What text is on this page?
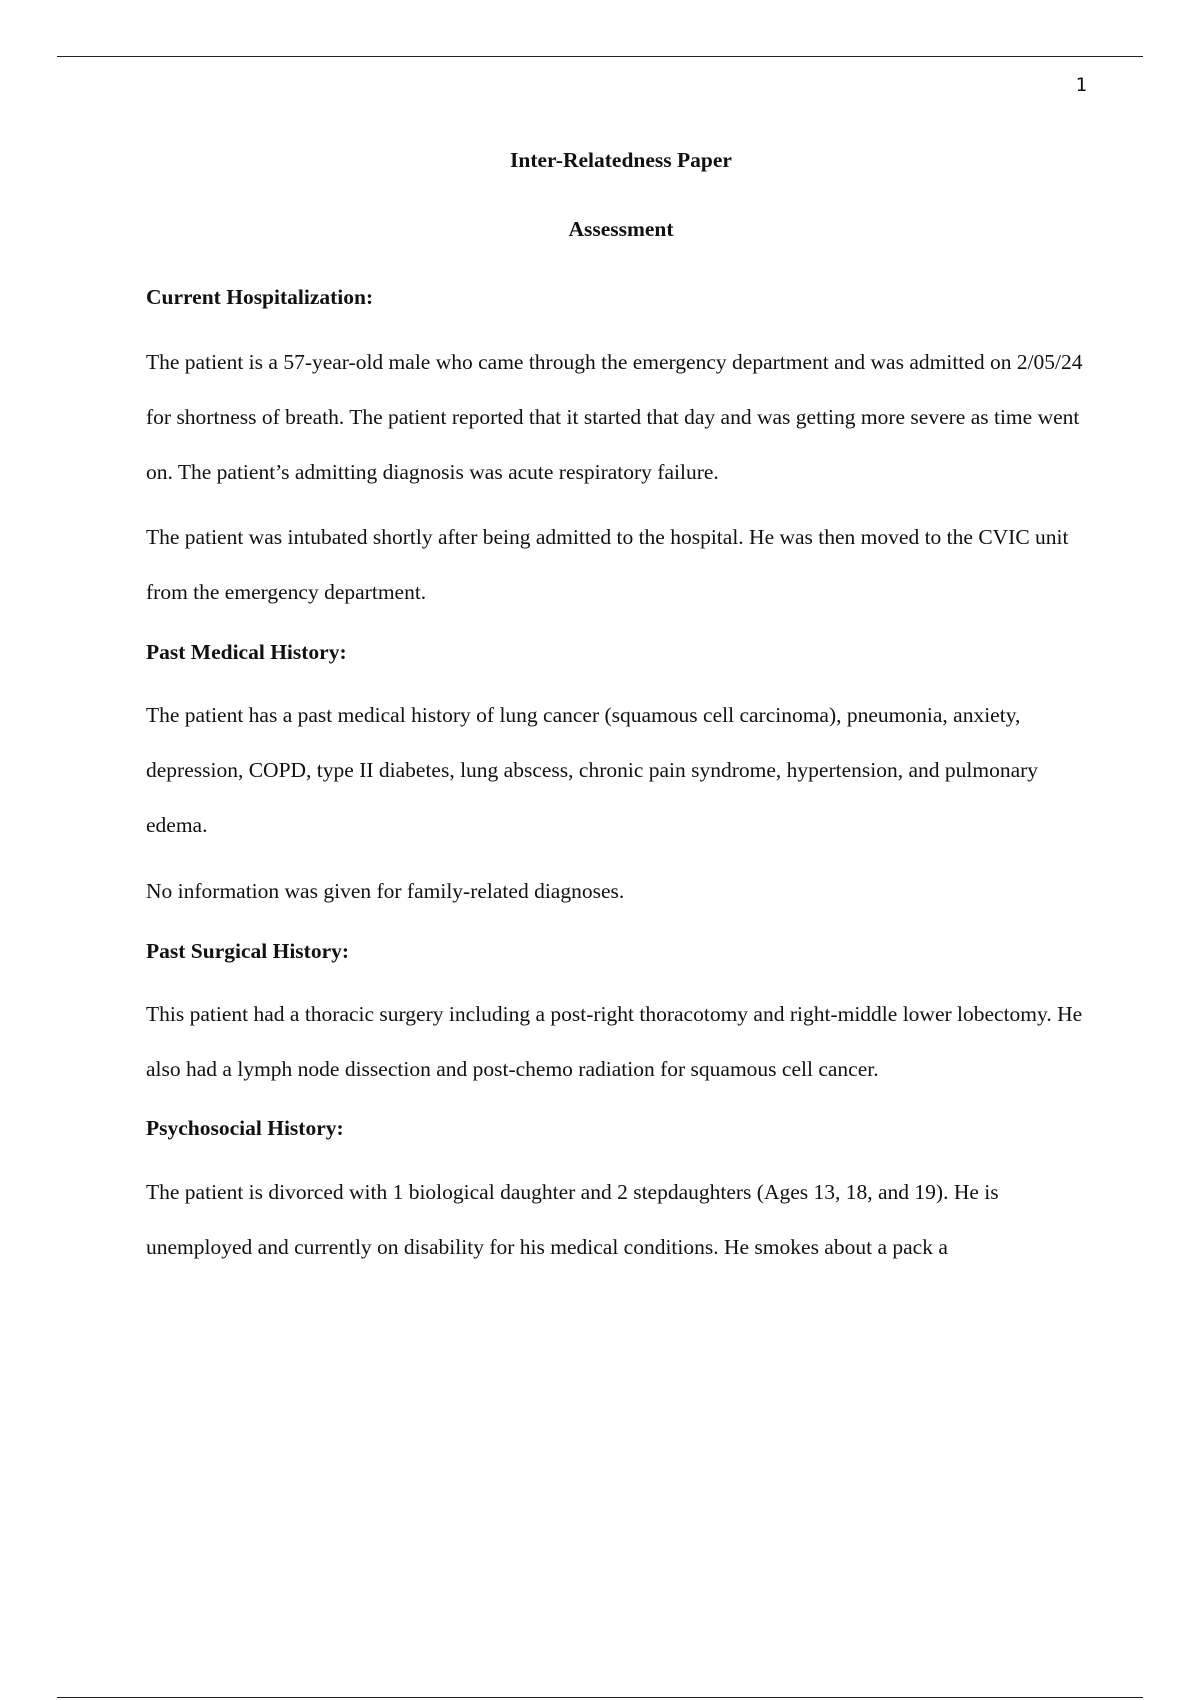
1
Inter-Relatedness Paper
Assessment
Current Hospitalization:

The patient is a 57-year-old male who came through the emergency department and was admitted on 2/05/24 for shortness of breath. The patient reported that it started that day and was getting more severe as time went on. The patient’s admitting diagnosis was acute respiratory failure.

The patient was intubated shortly after being admitted to the hospital. He was then moved to the CVIC unit from the emergency department.

Past Medical History:

The patient has a past medical history of lung cancer (squamous cell carcinoma), pneumonia, anxiety, depression, COPD, type II diabetes, lung abscess, chronic pain syndrome, hypertension, and pulmonary edema.

No information was given for family-related diagnoses.

Past Surgical History:

This patient had a thoracic surgery including a post-right thoracotomy and right-middle lower lobectomy. He also had a lymph node dissection and post-chemo radiation for squamous cell cancer.

Psychosocial History:

The patient is divorced with 1 biological daughter and 2 stepdaughters (Ages 13, 18, and 19). He is unemployed and currently on disability for his medical conditions. He smokes about a pack a
